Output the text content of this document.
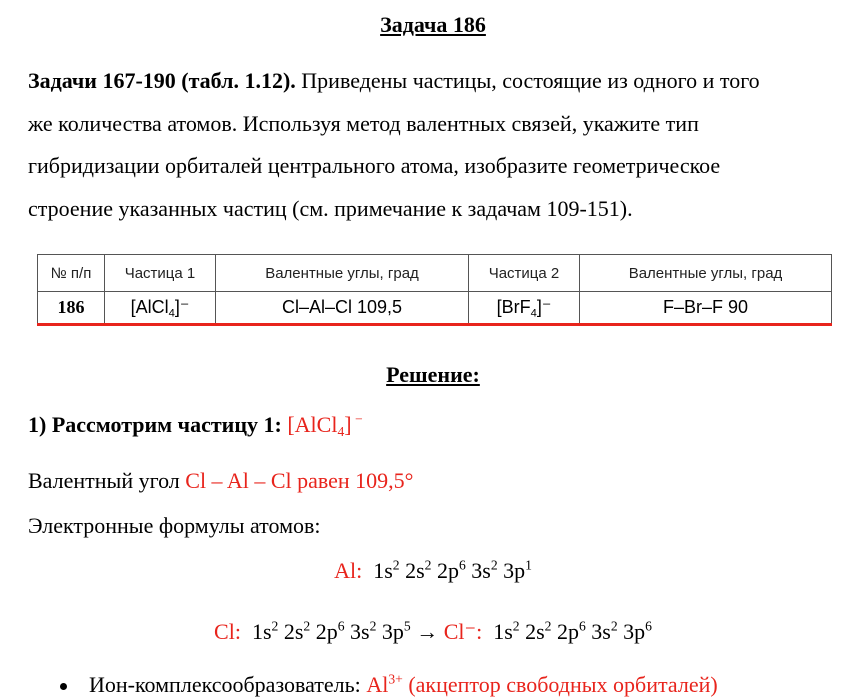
Задача 186
Задачи 167-190 (табл. 1.12). Приведены частицы, состоящие из одного и того
же количества атомов. Используя метод валентных связей, укажите тип
гибридизации орбиталей центрального атома, изобразите геометрическое
строение указанных частиц (см. примечание к задачам 109-151).
№ п/п	Частица 1	Валентные углы, град	Частица 2	Валентные углы, град
186	[AlCl$_4$]⁻	Cl–Al–Cl 109,5	[BrF$_4$]⁻	F–Br–F 90
Решение:
1) Рассмотрим частицу 1: [AlCl$_4$] −
Валентный угол Cl – Al – Cl равен 109,5°
Электронные формулы атомов:
Al: $1s^2$ $2s^2$ $2p^6$ $3s^2$ $3p^1$
Cl: $1s^2$ $2s^2$ $2p^6$ $3s^2$ $3p^5 \to Cl^-$: $1s^2$ $2s^2$ $2p^6$ $3s^2$ $3p^6$
Ион-комплексообразователь: $Al^{3+}$ (акцептор свободных орбиталей)
